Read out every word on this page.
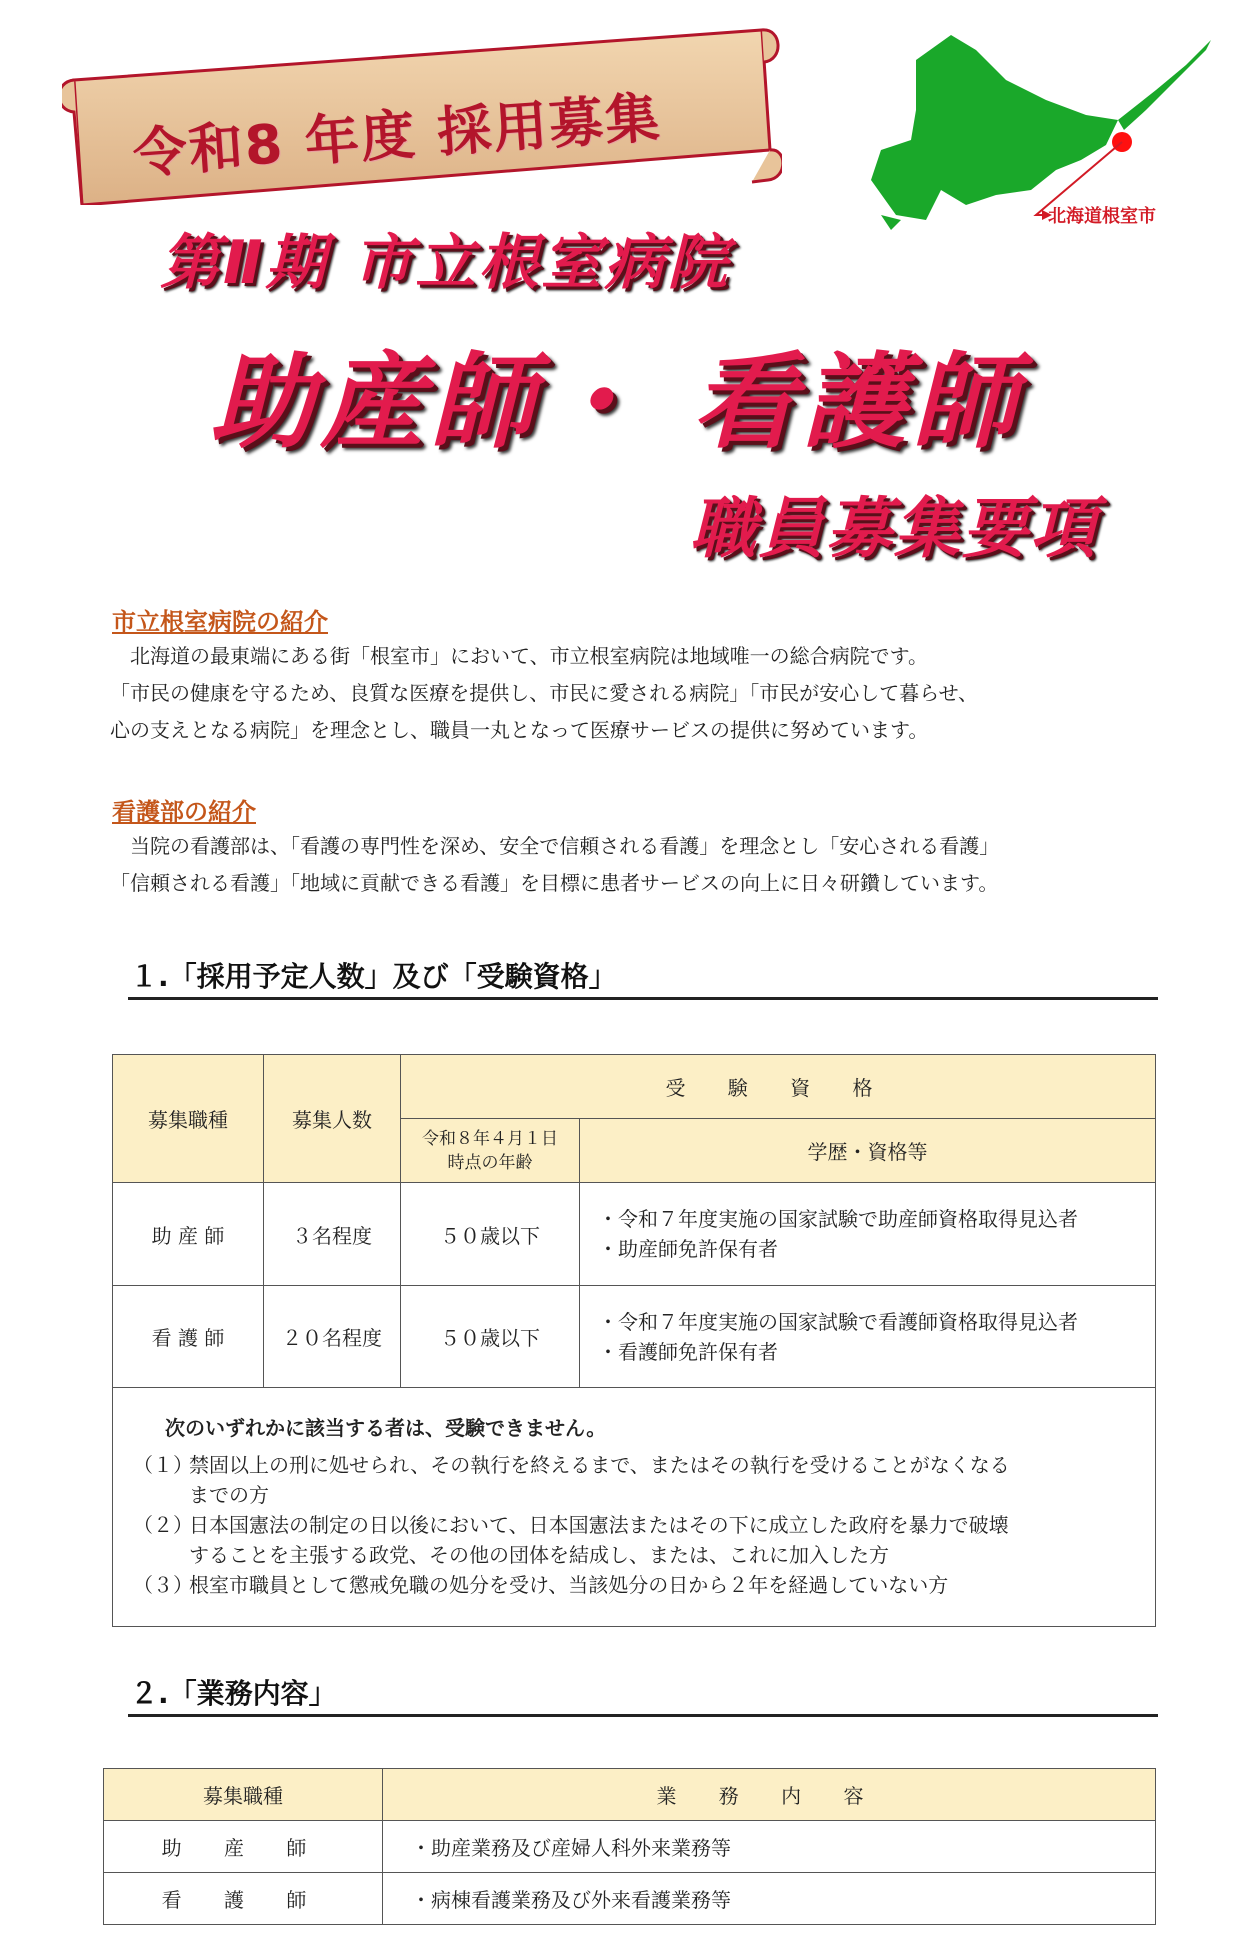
令和8 年度 採用募集
北海道根室市
第Ⅱ期 市立根室病院
助産師・ 看護師
職員募集要項
市立根室病院の紹介
　北海道の最東端にある街「根室市」において、市立根室病院は地域唯一の総合病院です。
「市民の健康を守るため、良質な医療を提供し、市民に愛される病院」「市民が安心して暮らせ、
心の支えとなる病院」を理念とし、職員一丸となって医療サービスの提供に努めています。
看護部の紹介
　当院の看護部は、「看護の専門性を深め、安全で信頼される看護」を理念とし「安心される看護」
「信頼される看護」「地域に貢献できる看護」を目標に患者サービスの向上に日々研鑽しています。
１.「採用予定人数」及び「受験資格」
募集職種	募集人数	受 験 資 格	
		令和８年４月１日
時点の年齢	学歴・資格等
助 産 師	３名程度	５０歳以下	・令和７年度実施の国家試験で助産師資格取得見込者
・助産師免許保有者

看 護 師	２０名程度	５０歳以下	・令和７年度実施の国家試験で看護師資格取得見込者
・看護師免許保有者
次のいずれかに該当する者は、受験できません。
（１）禁固以上の刑に処せられ、その執行を終えるまで、またはその執行を受けることがなくなる
までの方
（２）日本国憲法の制定の日以後において、日本国憲法またはその下に成立した政府を暴力で破壊
することを主張する政党、その他の団体を結成し、または、これに加入した方
（３）根室市職員として懲戒免職の処分を受け、当該処分の日から２年を経過していない方
２.「業務内容」
募集職種	業 務 内 容
助 産 師	・助産業務及び産婦人科外来業務等
看 護 師	・病棟看護業務及び外来看護業務等
